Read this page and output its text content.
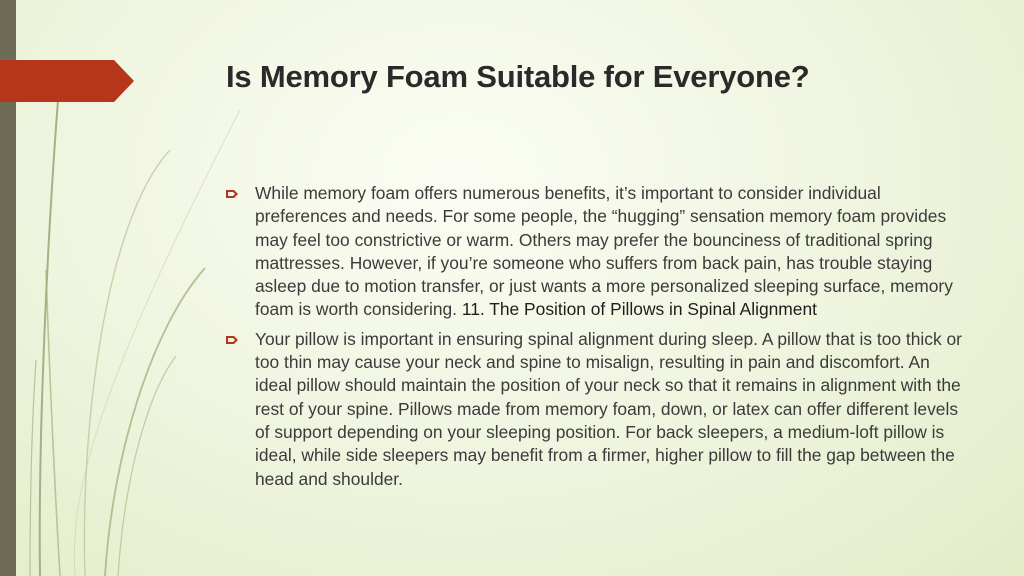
Is Memory Foam Suitable for Everyone?
While memory foam offers numerous benefits, it’s important to consider individual preferences and needs. For some people, the “hugging” sensation memory foam provides may feel too constrictive or warm. Others may prefer the bounciness of traditional spring mattresses. However, if you’re someone who suffers from back pain, has trouble staying asleep due to motion transfer, or just wants a more personalized sleeping surface, memory foam is worth considering. 11. The Position of Pillows in Spinal Alignment
Your pillow is important in ensuring spinal alignment during sleep. A pillow that is too thick or too thin may cause your neck and spine to misalign, resulting in pain and discomfort. An ideal pillow should maintain the position of your neck so that it remains in alignment with the rest of your spine. Pillows made from memory foam, down, or latex can offer different levels of support depending on your sleeping position. For back sleepers, a medium-loft pillow is ideal, while side sleepers may benefit from a firmer, higher pillow to fill the gap between the head and shoulder.
